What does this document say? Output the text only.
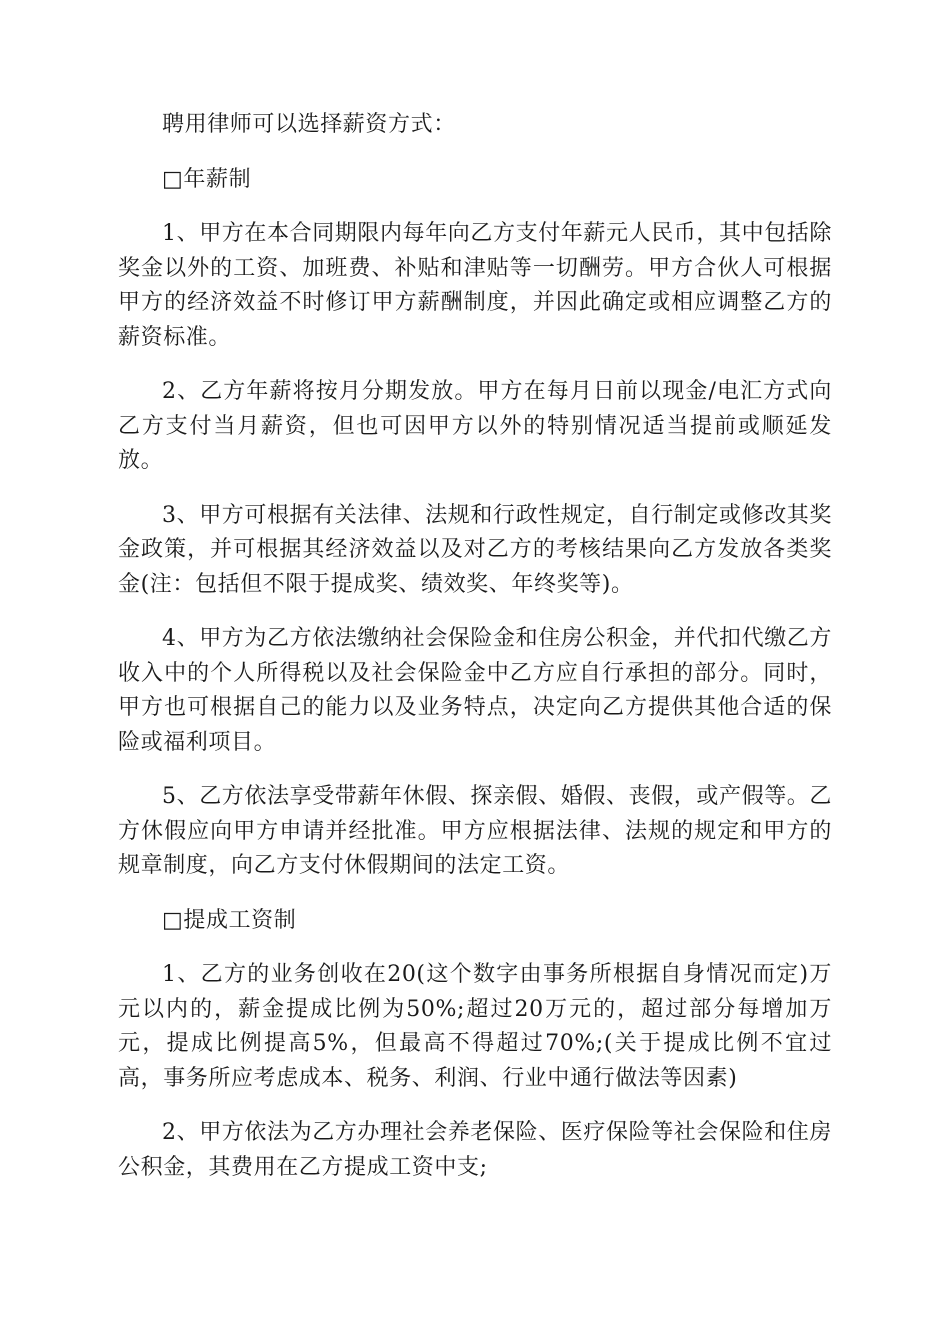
聘用律师可以选择薪资方式：

□年薪制

1、甲方在本合同期限内每年向乙方支付年薪元人民币，其中包括除奖金以外的工资、加班费、补贴和津贴等一切酬劳。甲方合伙人可根据甲方的经济效益不时修订甲方薪酬制度，并因此确定或相应调整乙方的薪资标准。

2、乙方年薪将按月分期发放。甲方在每月日前以现金/电汇方式向乙方支付当月薪资，但也可因甲方以外的特别情况适当提前或顺延发放。

3、甲方可根据有关法律、法规和行政性规定，自行制定或修改其奖金政策，并可根据其经济效益以及对乙方的考核结果向乙方发放各类奖金(注：包括但不限于提成奖、绩效奖、年终奖等)。

4、甲方为乙方依法缴纳社会保险金和住房公积金，并代扣代缴乙方收入中的个人所得税以及社会保险金中乙方应自行承担的部分。同时，甲方也可根据自己的能力以及业务特点，决定向乙方提供其他合适的保险或福利项目。

5、乙方依法享受带薪年休假、探亲假、婚假、丧假，或产假等。乙方休假应向甲方申请并经批准。甲方应根据法律、法规的规定和甲方的规章制度，向乙方支付休假期间的法定工资。

□提成工资制

1、乙方的业务创收在20(这个数字由事务所根据自身情况而定)万元以内的，薪金提成比例为50%;超过20万元的，超过部分每增加万元，提成比例提高5%，但最高不得超过70%;(关于提成比例不宜过高，事务所应考虑成本、税务、利润、行业中通行做法等因素)

2、甲方依法为乙方办理社会养老保险、医疗保险等社会保险和住房公积金，其费用在乙方提成工资中支;
